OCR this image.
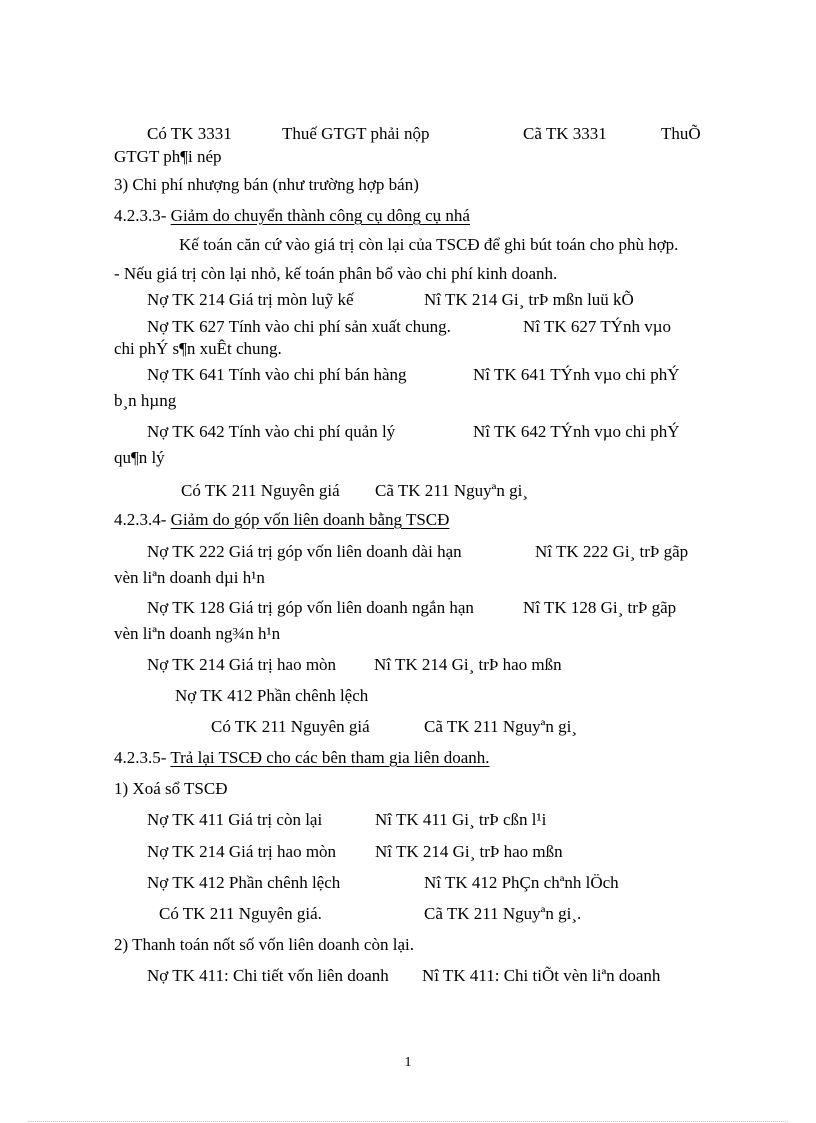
Có TK 3331	Thuế GTGT phải nộp	Cã TK 3331	ThuÕ
GTGT ph¶i nép
3) Chi phí nhượng bán (như trường hợp bán)
4.2.3.3- Giảm do chuyển thành công cụ dông cụ nhá
Kế toán căn cứ vào giá trị còn lại của TSCĐ để ghi bút toán cho phù hợp.
- Nếu giá trị còn lại nhỏ, kế toán phân bổ vào chi phí kinh doanh.
Nợ TK 214 Giá trị mòn luỹ kế	Nî TK 214 Gi¸ trÞ mßn luü kÕ
Nợ TK 627 Tính vào chi phí sản xuất chung.	Nî TK 627 TÝnh vµo
chi phÝ s¶n xuÊt chung.
Nợ TK 641 Tính vào chi phí bán hàng	Nî TK 641 TÝnh vµo chi phÝ
b¸n hµng
Nợ TK 642 Tính vào chi phí quản lý	Nî TK 642 TÝnh vµo chi phÝ
qu¶n lý
Có TK 211 Nguyên giá Cã TK 211 Nguyªn gi¸
4.2.3.4- Giảm do góp vốn liên doanh bằng TSCĐ
Nợ TK 222 Giá trị góp vốn liên doanh dài hạn	Nî TK 222 Gi¸ trÞ gãp
vèn liªn doanh dµi h¹n
Nợ TK 128 Giá trị góp vốn liên doanh ngắn hạn	Nî TK 128 Gi¸ trÞ gãp
vèn liªn doanh ng¾n h¹n
Nợ TK 214 Giá trị hao mòn Nî TK 214 Gi¸ trÞ hao mßn
Nợ TK 412 Phần chênh lệch
Có TK 211 Nguyên giá	Cã TK 211 Nguyªn gi¸
4.2.3.5- Trả lại TSCĐ cho các bên tham gia liên doanh.
1) Xoá sổ TSCĐ
Nợ TK 411 Giá trị còn lại	Nî TK 411 Gi¸ trÞ cßn l¹i
Nợ TK 214 Giá trị hao mòn Nî TK 214 Gi¸ trÞ hao mßn
Nợ TK 412 Phần chênh lệch	Nî TK 412 PhÇn chªnh lÖch
Có TK 211 Nguyên giá.	Cã TK 211 Nguyªn gi¸.
2) Thanh toán nốt số vốn liên doanh còn lại.
Nợ TK 411: Chi tiết vốn liên doanh Nî TK 411: Chi tiÕt vèn liªn doanh
1
